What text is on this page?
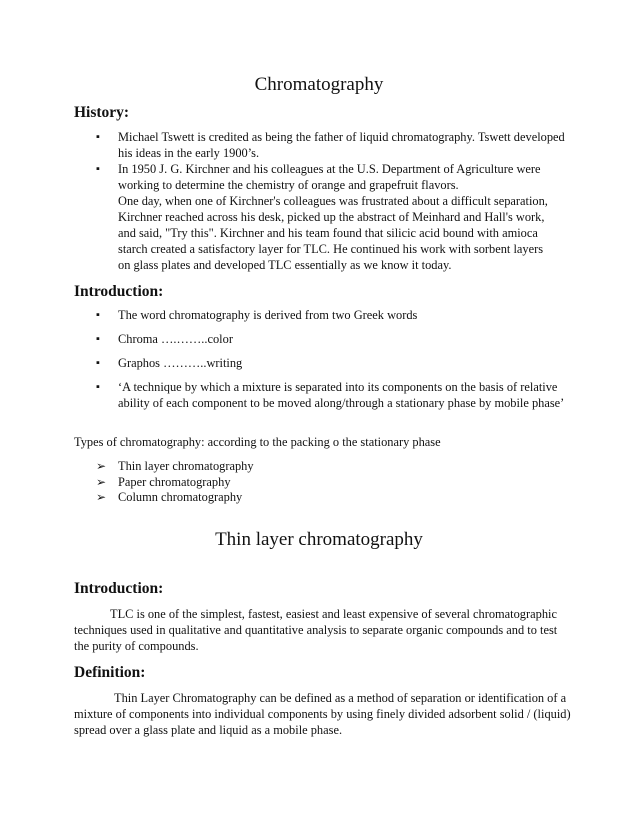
Chromatography
History:
▪ Michael Tswett is credited as being the father of liquid chromatography. Tswett developed his ideas in the early 1900’s.
▪ In 1950 J. G. Kirchner and his colleagues at the U.S. Department of Agriculture were working to determine the chemistry of orange and grapefruit flavors.

One day, when one of Kirchner's colleagues was frustrated about a difficult separation, Kirchner reached across his desk, picked up the abstract of Meinhard and Hall's work, and said, "Try this". Kirchner and his team found that silicic acid bound with amioca starch created a satisfactory layer for TLC. He continued his work with sorbent layers on glass plates and developed TLC essentially as we know it today.

Introduction:
▪ The word chromatography is derived from two Greek words
▪ Chroma ….……..color
▪ Graphos ………..writing
▪ ‘A technique by which a mixture is separated into its components on the basis of relative ability of each component to be moved along/through a stationary phase by mobile phase’

Types of chromatography: according to the packing o the stationary phase

➢ Thin layer chromatography
➢ Paper chromatography
➢ Column chromatography
Thin layer chromatography
Introduction:

TLC is one of the simplest, fastest, easiest and least expensive of several chromatographic techniques used in qualitative and quantitative analysis to separate organic compounds and to test the purity of compounds.

Definition:

Thin Layer Chromatography can be defined as a method of separation or identification of a mixture of components into individual components by using finely divided adsorbent solid / (liquid) spread over a glass plate and liquid as a mobile phase.
